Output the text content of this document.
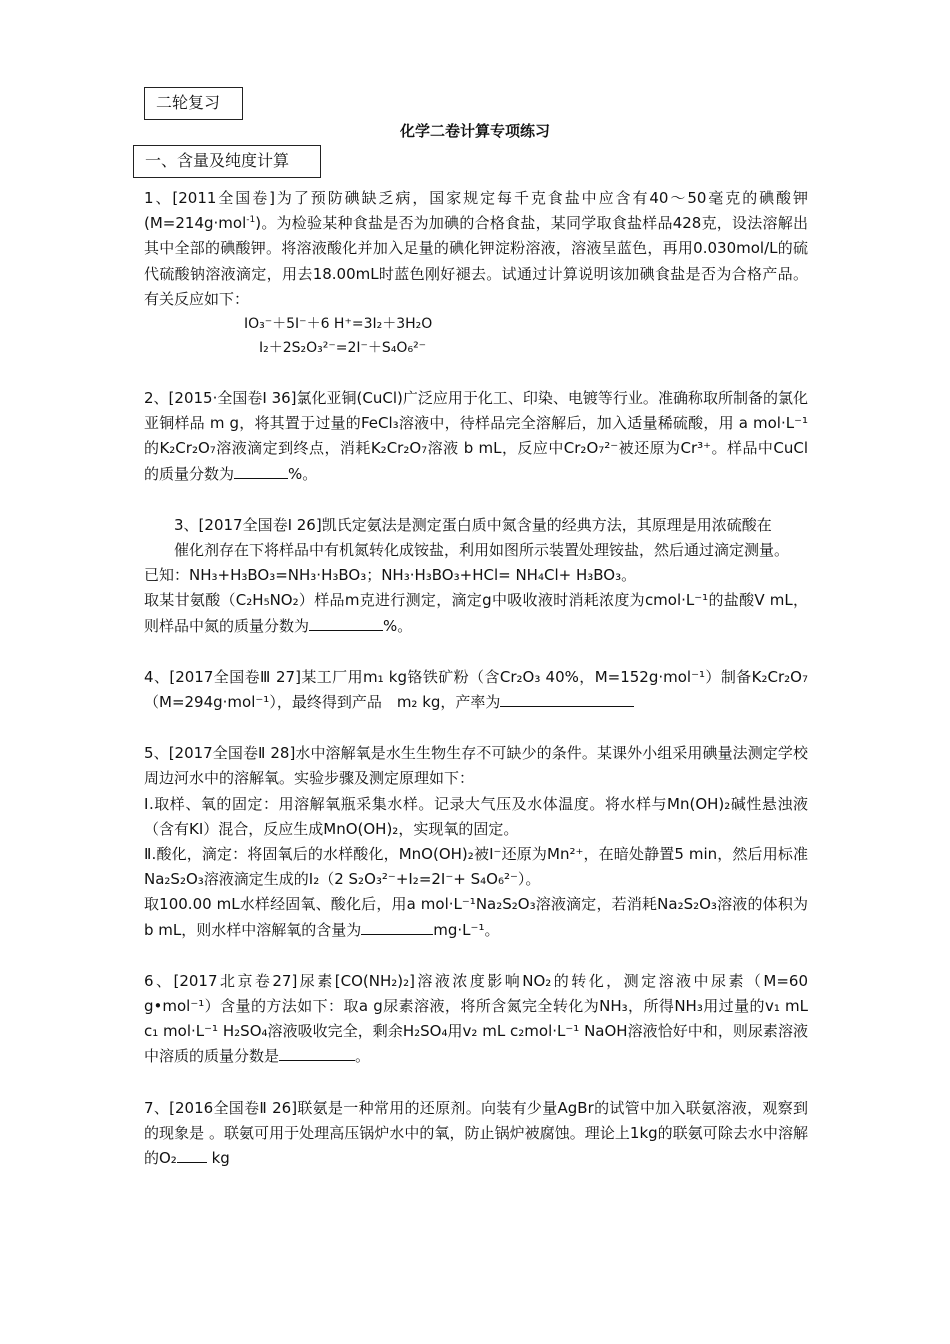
二轮复习
化学二卷计算专项练习
一、含量及纯度计算

1、[2011全国卷]为了预防碘缺乏病，国家规定每千克食盐中应含有40～50毫克的碘酸钾(M=214g·mol$^{-1}$)。为检验某种食盐是否为加碘的合格食盐，某同学取食盐样品428克，设法溶解出其中全部的碘酸钾。将溶液酸化并加入足量的碘化钾淀粉溶液，溶液呈蓝色，再用0.030mol/L的硫代硫酸钠溶液滴定，用去18.00mL时蓝色刚好褪去。试通过计算说明该加碘食盐是否为合格产品。有关反应如下：

IO₃⁻＋5I⁻＋6 H⁺=3I₂＋3H₂O

I₂＋2S₂O₃²⁻=2I⁻＋S₄O₆²⁻

2、[2015·全国卷Ⅰ 36]氯化亚铜(CuCl)广泛应用于化工、印染、电镀等行业。准确称取所制备的氯化亚铜样品 m g，将其置于过量的FeCl₃溶液中，待样品完全溶解后，加入适量稀硫酸，用 a mol·L⁻¹的K₂Cr₂O₇溶液滴定到终点，消耗K₂Cr₂O₇溶液 b mL，反应中Cr₂O₇²⁻被还原为Cr³⁺。样品中CuCl的质量分数为	%。

3、[2017全国卷Ⅰ 26]凯氏定氨法是测定蛋白质中氮含量的经典方法，其原理是用浓硫酸在

催化剂存在下将样品中有机氮转化成铵盐，利用如图所示装置处理铵盐，然后通过滴定测量。

已知：NH₃+H₃BO₃=NH₃·H₃BO₃；NH₃·H₃BO₃+HCl= NH₄Cl+ H₃BO₃。

取某甘氨酸（C₂H₅NO₂）样品m克进行测定，滴定g中吸收液时消耗浓度为cmol·L⁻¹的盐酸V mL，则样品中氮的质量分数为	%。

4、[2017全国卷Ⅲ 27]某工厂用m₁ kg铬铁矿粉（含Cr₂O₃ 40%，M=152g·mol⁻¹）制备K₂Cr₂O₇（M=294g·mol⁻¹），最终得到产品　m₂ kg，产率为

5、[2017全国卷Ⅱ 28]水中溶解氧是水生生物生存不可缺少的条件。某课外小组采用碘量法测定学校周边河水中的溶解氧。实验步骤及测定原理如下：

Ⅰ.取样、氧的固定：用溶解氧瓶采集水样。记录大气压及水体温度。将水样与Mn(OH)₂碱性悬浊液（含有KI）混合，反应生成MnO(OH)₂，实现氧的固定。

Ⅱ.酸化，滴定：将固氧后的水样酸化，MnO(OH)₂被I⁻还原为Mn²⁺，在暗处静置5 min，然后用标准Na₂S₂O₃溶液滴定生成的I₂（2 S₂O₃²⁻+I₂=2I⁻+ S₄O₆²⁻）。

取100.00 mL水样经固氧、酸化后，用a mol·L⁻¹Na₂S₂O₃溶液滴定，若消耗Na₂S₂O₃溶液的体积为b mL，则水样中溶解氧的含量为	mg·L⁻¹。

6、[2017北京卷27]尿素[CO(NH₂)₂]溶液浓度影响NO₂的转化，测定溶液中尿素（M=60 g•mol⁻¹）含量的方法如下：取a g尿素溶液，将所含氮完全转化为NH₃，所得NH₃用过量的v₁ mL c₁ mol·L⁻¹ H₂SO₄溶液吸收完全，剩余H₂SO₄用v₂ mL c₂mol·L⁻¹ NaOH溶液恰好中和，则尿素溶液中溶质的质量分数是	。

7、[2016全国卷Ⅱ 26]联氨是一种常用的还原剂。向装有少量AgBr的试管中加入联氨溶液，观察到的现象是 。联氨可用于处理高压锅炉水中的氧，防止锅炉被腐蚀。理论上1kg的联氨可除去水中溶解的O₂ kg
